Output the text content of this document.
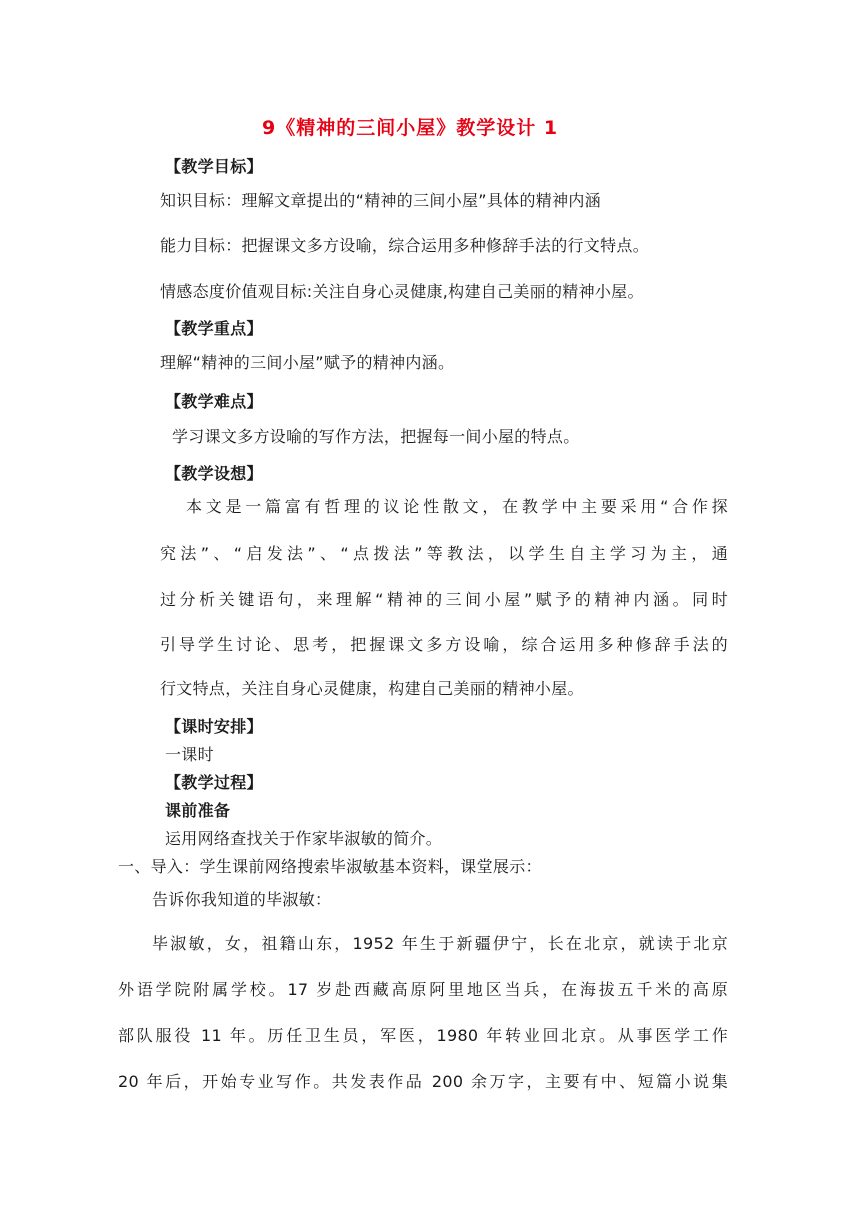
9《精神的三间小屋》教学设计 1
【教学目标】
知识目标：理解文章提出的“精神的三间小屋”具体的精神内涵
能力目标：把握课文多方设喻，综合运用多种修辞手法的行文特点。
情感态度价值观目标:关注自身心灵健康,构建自己美丽的精神小屋。
【教学重点】
理解“精神的三间小屋”赋予的精神内涵。
【教学难点】
学习课文多方设喻的写作方法，把握每一间小屋的特点。
【教学设想】
本文是一篇富有哲理的议论性散文，在教学中主要采用“合作探
究法”、“启发法”、“点拨法”等教法，以学生自主学习为主，通
过分析关键语句，来理解“精神的三间小屋”赋予的精神内涵。同时
引导学生讨论、思考，把握课文多方设喻，综合运用多种修辞手法的
行文特点，关注自身心灵健康，构建自己美丽的精神小屋。
【课时安排】
一课时
【教学过程】
课前准备
运用网络查找关于作家毕淑敏的简介。
一、导入：学生课前网络搜索毕淑敏基本资料，课堂展示：
告诉你我知道的毕淑敏：
毕淑敏，女，祖籍山东，1952 年生于新疆伊宁，长在北京，就读于北京
外语学院附属学校。17 岁赴西藏高原阿里地区当兵，在海拔五千米的高原
部队服役 11 年。历任卫生员，军医，1980 年转业回北京。从事医学工作
20 年后，开始专业写作。共发表作品 200 余万字，主要有中、短篇小说集
